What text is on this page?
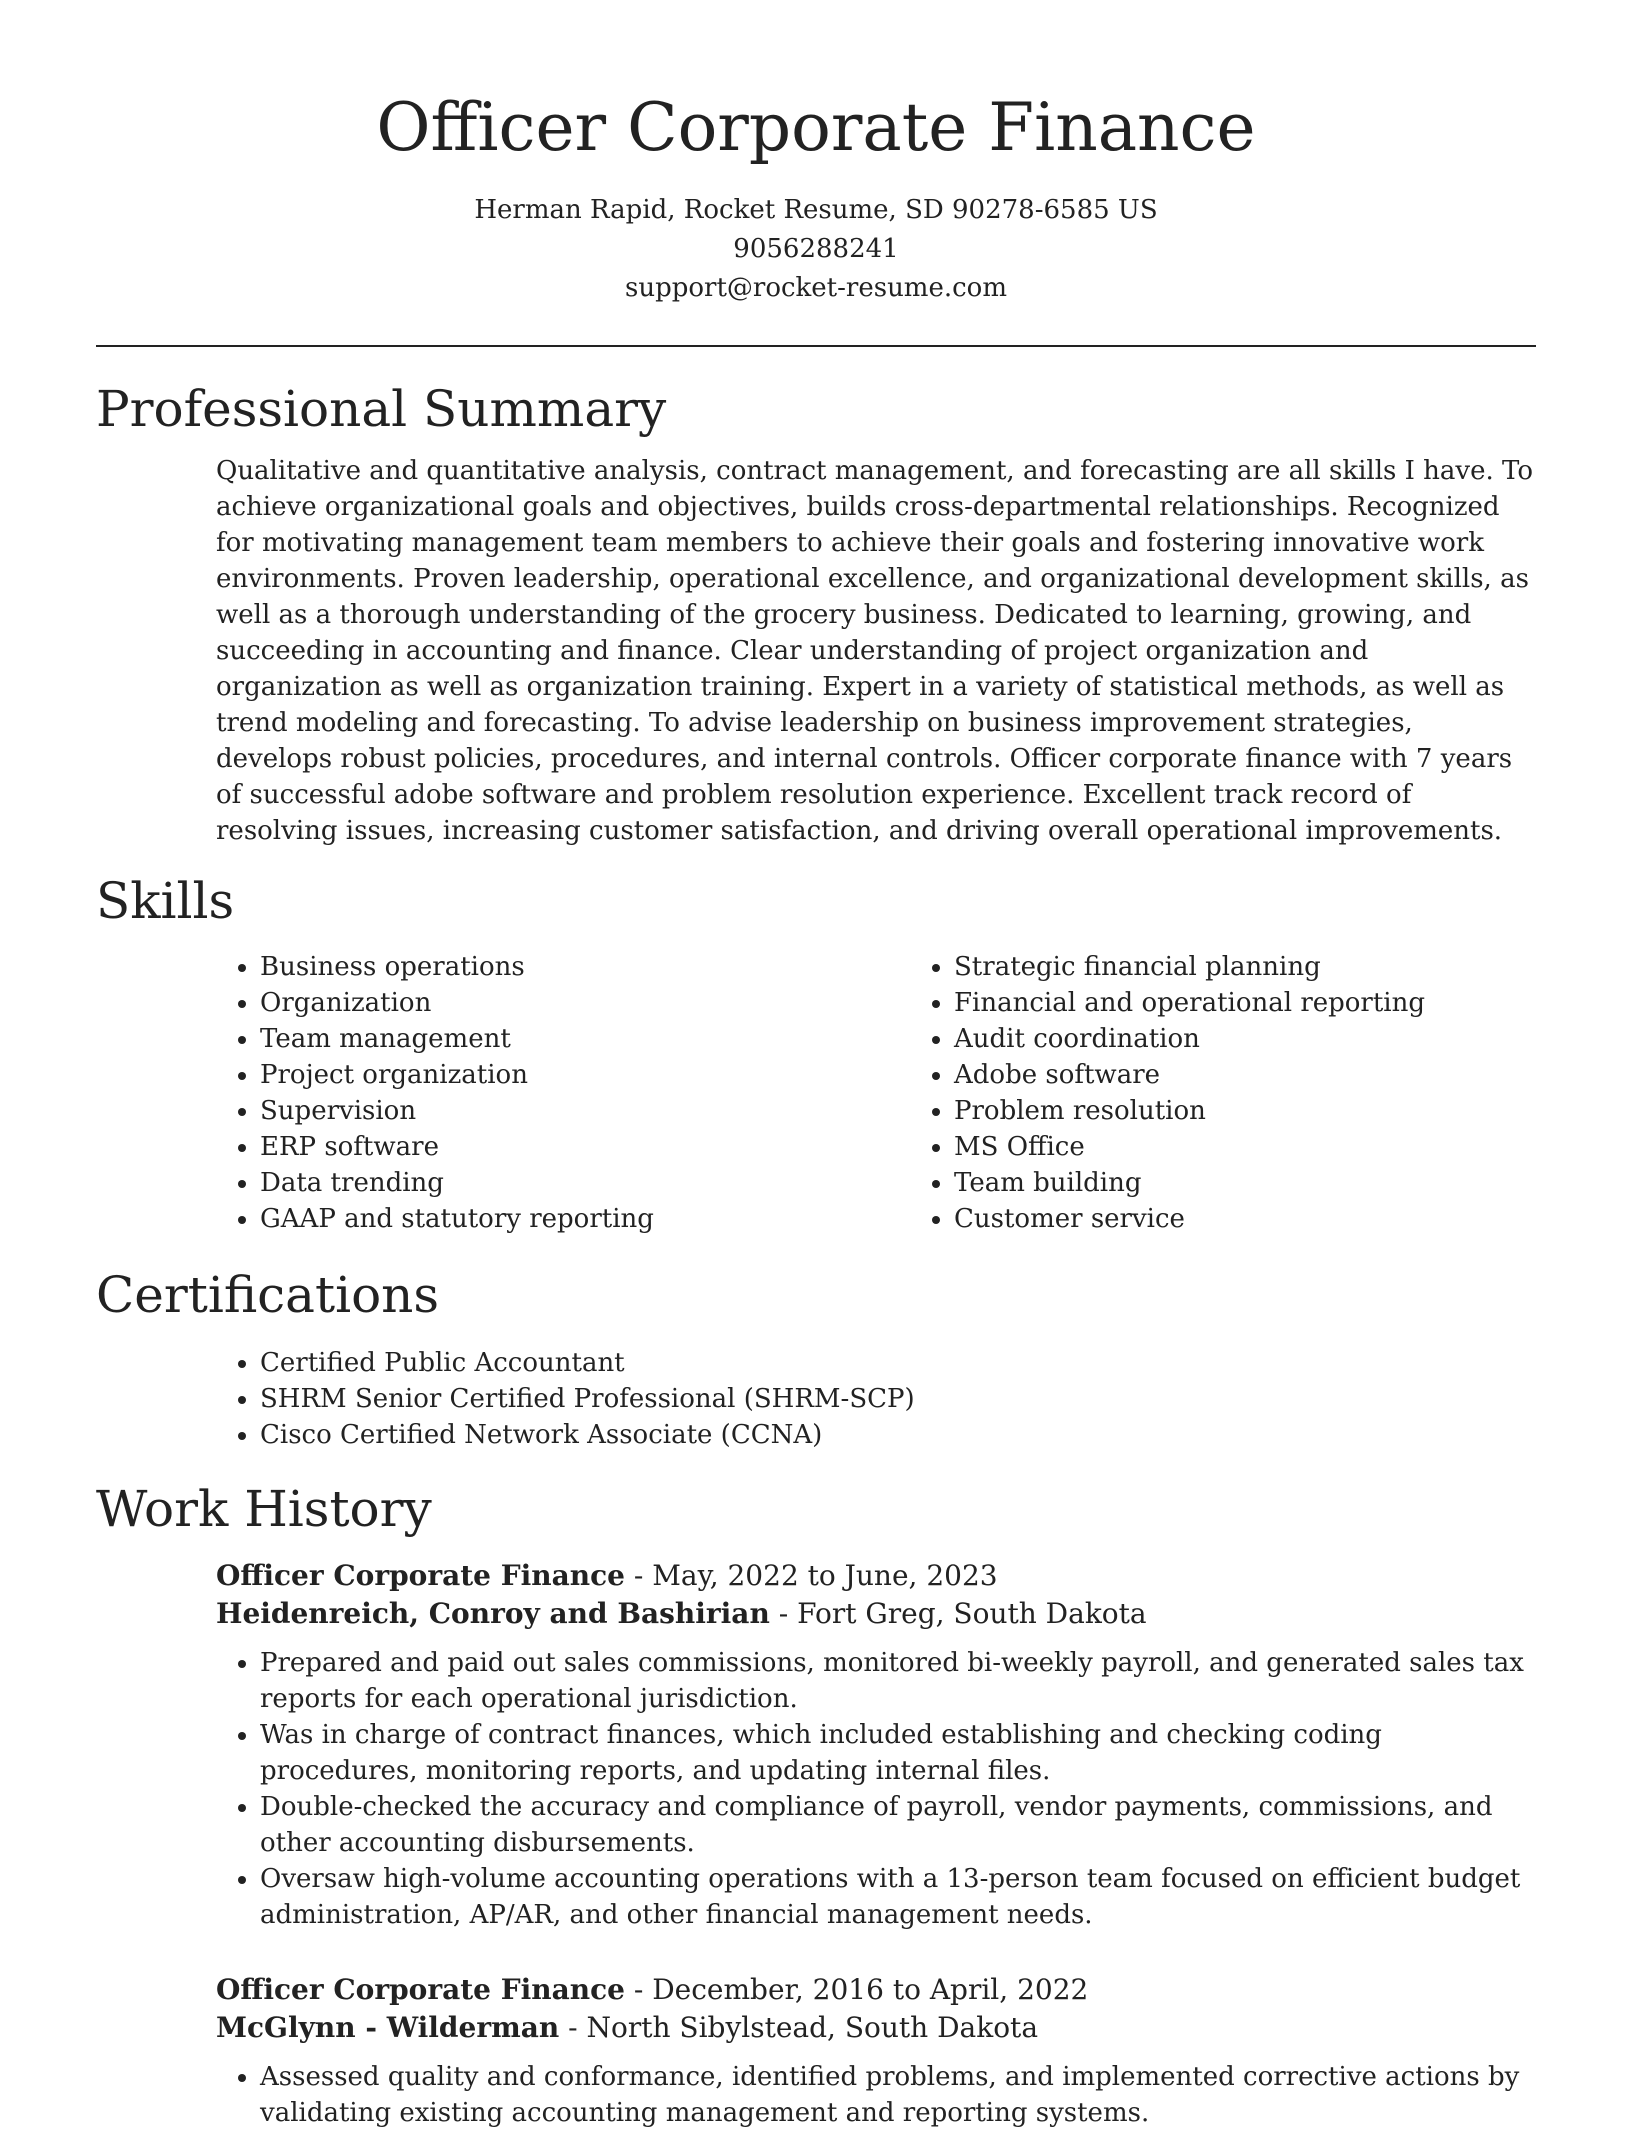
Officer Corporate Finance
Herman Rapid, Rocket Resume, SD 90278-6585 US
9056288241
support@rocket-resume.com
Professional Summary
Qualitative and quantitative analysis, contract management, and forecasting are all skills I have. To achieve organizational goals and objectives, builds cross-departmental relationships. Recognized for motivating management team members to achieve their goals and fostering innovative work environments. Proven leadership, operational excellence, and organizational development skills, as well as a thorough understanding of the grocery business. Dedicated to learning, growing, and succeeding in accounting and finance. Clear understanding of project organization and organization as well as organization training. Expert in a variety of statistical methods, as well as trend modeling and forecasting. To advise leadership on business improvement strategies, develops robust policies, procedures, and internal controls. Officer corporate finance with 7 years of successful adobe software and problem resolution experience. Excellent track record of resolving issues, increasing customer satisfaction, and driving overall operational improvements.
Skills
• Business operations
• Organization
• Team management
• Project organization
• Supervision
• ERP software
• Data trending
• GAAP and statutory reporting
• Strategic financial planning
• Financial and operational reporting
• Audit coordination
• Adobe software
• Problem resolution
• MS Office
• Team building
• Customer service
Certifications
• Certified Public Accountant
• SHRM Senior Certified Professional (SHRM-SCP)
• Cisco Certified Network Associate (CCNA)
Work History
Officer Corporate Finance - May, 2022 to June, 2023
Heidenreich, Conroy and Bashirian - Fort Greg, South Dakota
• Prepared and paid out sales commissions, monitored bi-weekly payroll, and generated sales tax reports for each operational jurisdiction.
• Was in charge of contract finances, which included establishing and checking coding procedures, monitoring reports, and updating internal files.
• Double-checked the accuracy and compliance of payroll, vendor payments, commissions, and other accounting disbursements.
• Oversaw high-volume accounting operations with a 13-person team focused on efficient budget administration, AP/AR, and other financial management needs.
Officer Corporate Finance - December, 2016 to April, 2022
McGlynn - Wilderman - North Sibylstead, South Dakota
• Assessed quality and conformance, identified problems, and implemented corrective actions by validating existing accounting management and reporting systems.
